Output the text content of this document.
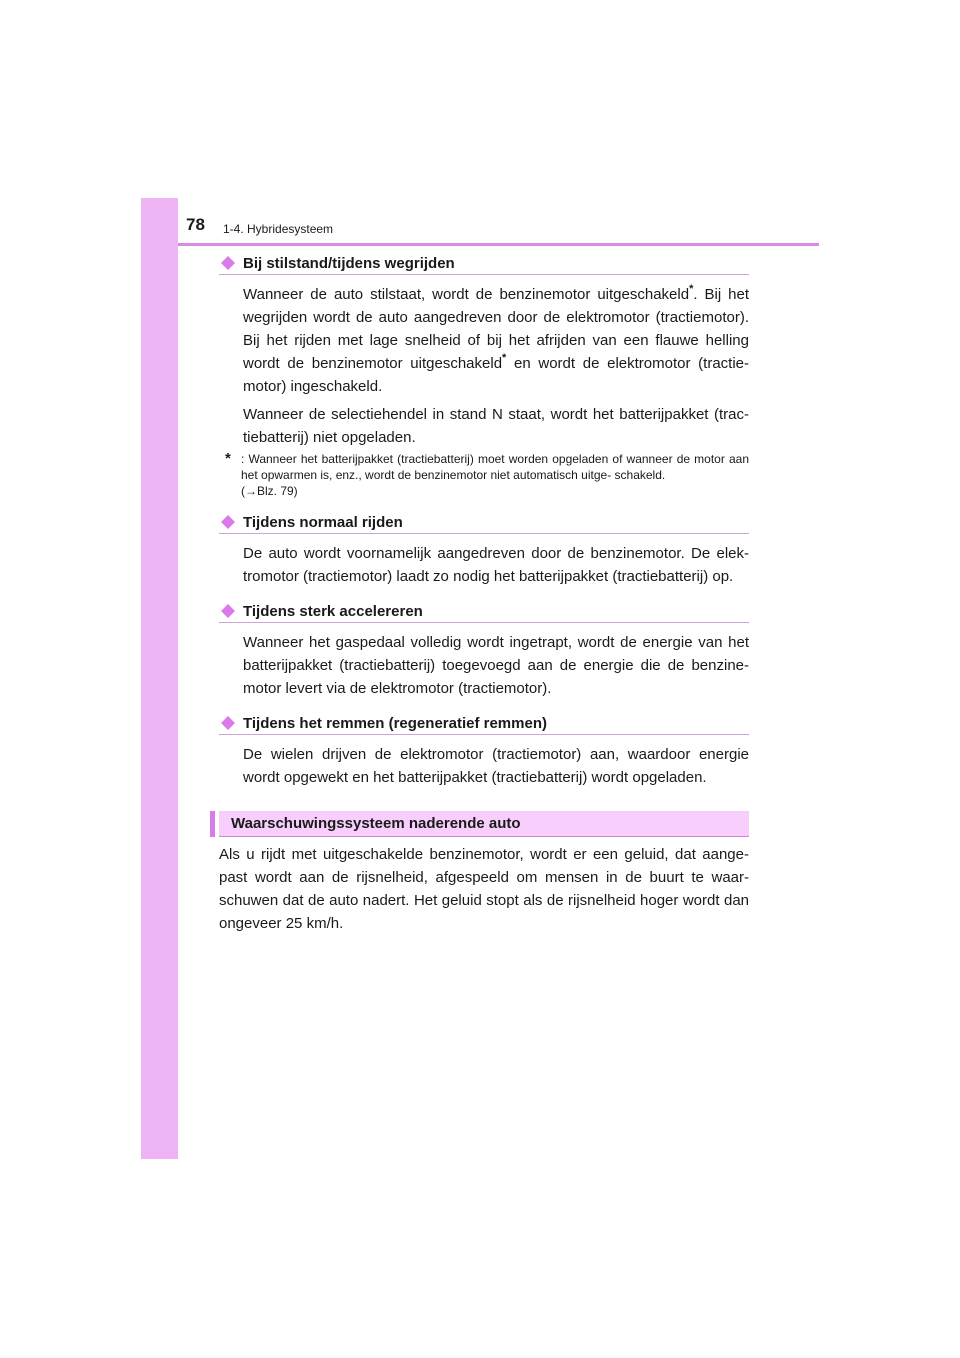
78 1-4. Hybridesysteem
Bij stilstand/tijdens wegrijden

Wanneer de auto stilstaat, wordt de benzinemotor uitgeschakeld*. Bij het wegrijden wordt de auto aangedreven door de elektromotor (tractiemotor). Bij het rijden met lage snelheid of bij het afrijden van een flauwe helling wordt de benzinemotor uitgeschakeld* en wordt de elektromotor (tractie- motor) ingeschakeld.

Wanneer de selectiehendel in stand N staat, wordt het batterijpakket (trac- tiebatterij) niet opgeladen.

* : Wanneer het batterijpakket (tractiebatterij) moet worden opgeladen of wanneer de motor aan het opwarmen is, enz., wordt de benzinemotor niet automatisch uitge- schakeld.
(→Blz. 79)
Tijdens normaal rijden

De auto wordt voornamelijk aangedreven door de benzinemotor. De elek- tromotor (tractiemotor) laadt zo nodig het batterijpakket (tractiebatterij) op.

Tijdens sterk accelereren

Wanneer het gaspedaal volledig wordt ingetrapt, wordt de energie van het batterijpakket (tractiebatterij) toegevoegd aan de energie die de benzine- motor levert via de elektromotor (tractiemotor).

Tijdens het remmen (regeneratief remmen)

De wielen drijven de elektromotor (tractiemotor) aan, waardoor energie wordt opgewekt en het batterijpakket (tractiebatterij) wordt opgeladen.

Waarschuwingssysteem naderende auto

Als u rijdt met uitgeschakelde benzinemotor, wordt er een geluid, dat aange- past wordt aan de rijsnelheid, afgespeeld om mensen in de buurt te waar- schuwen dat de auto nadert. Het geluid stopt als de rijsnelheid hoger wordt dan ongeveer 25 km/h.
